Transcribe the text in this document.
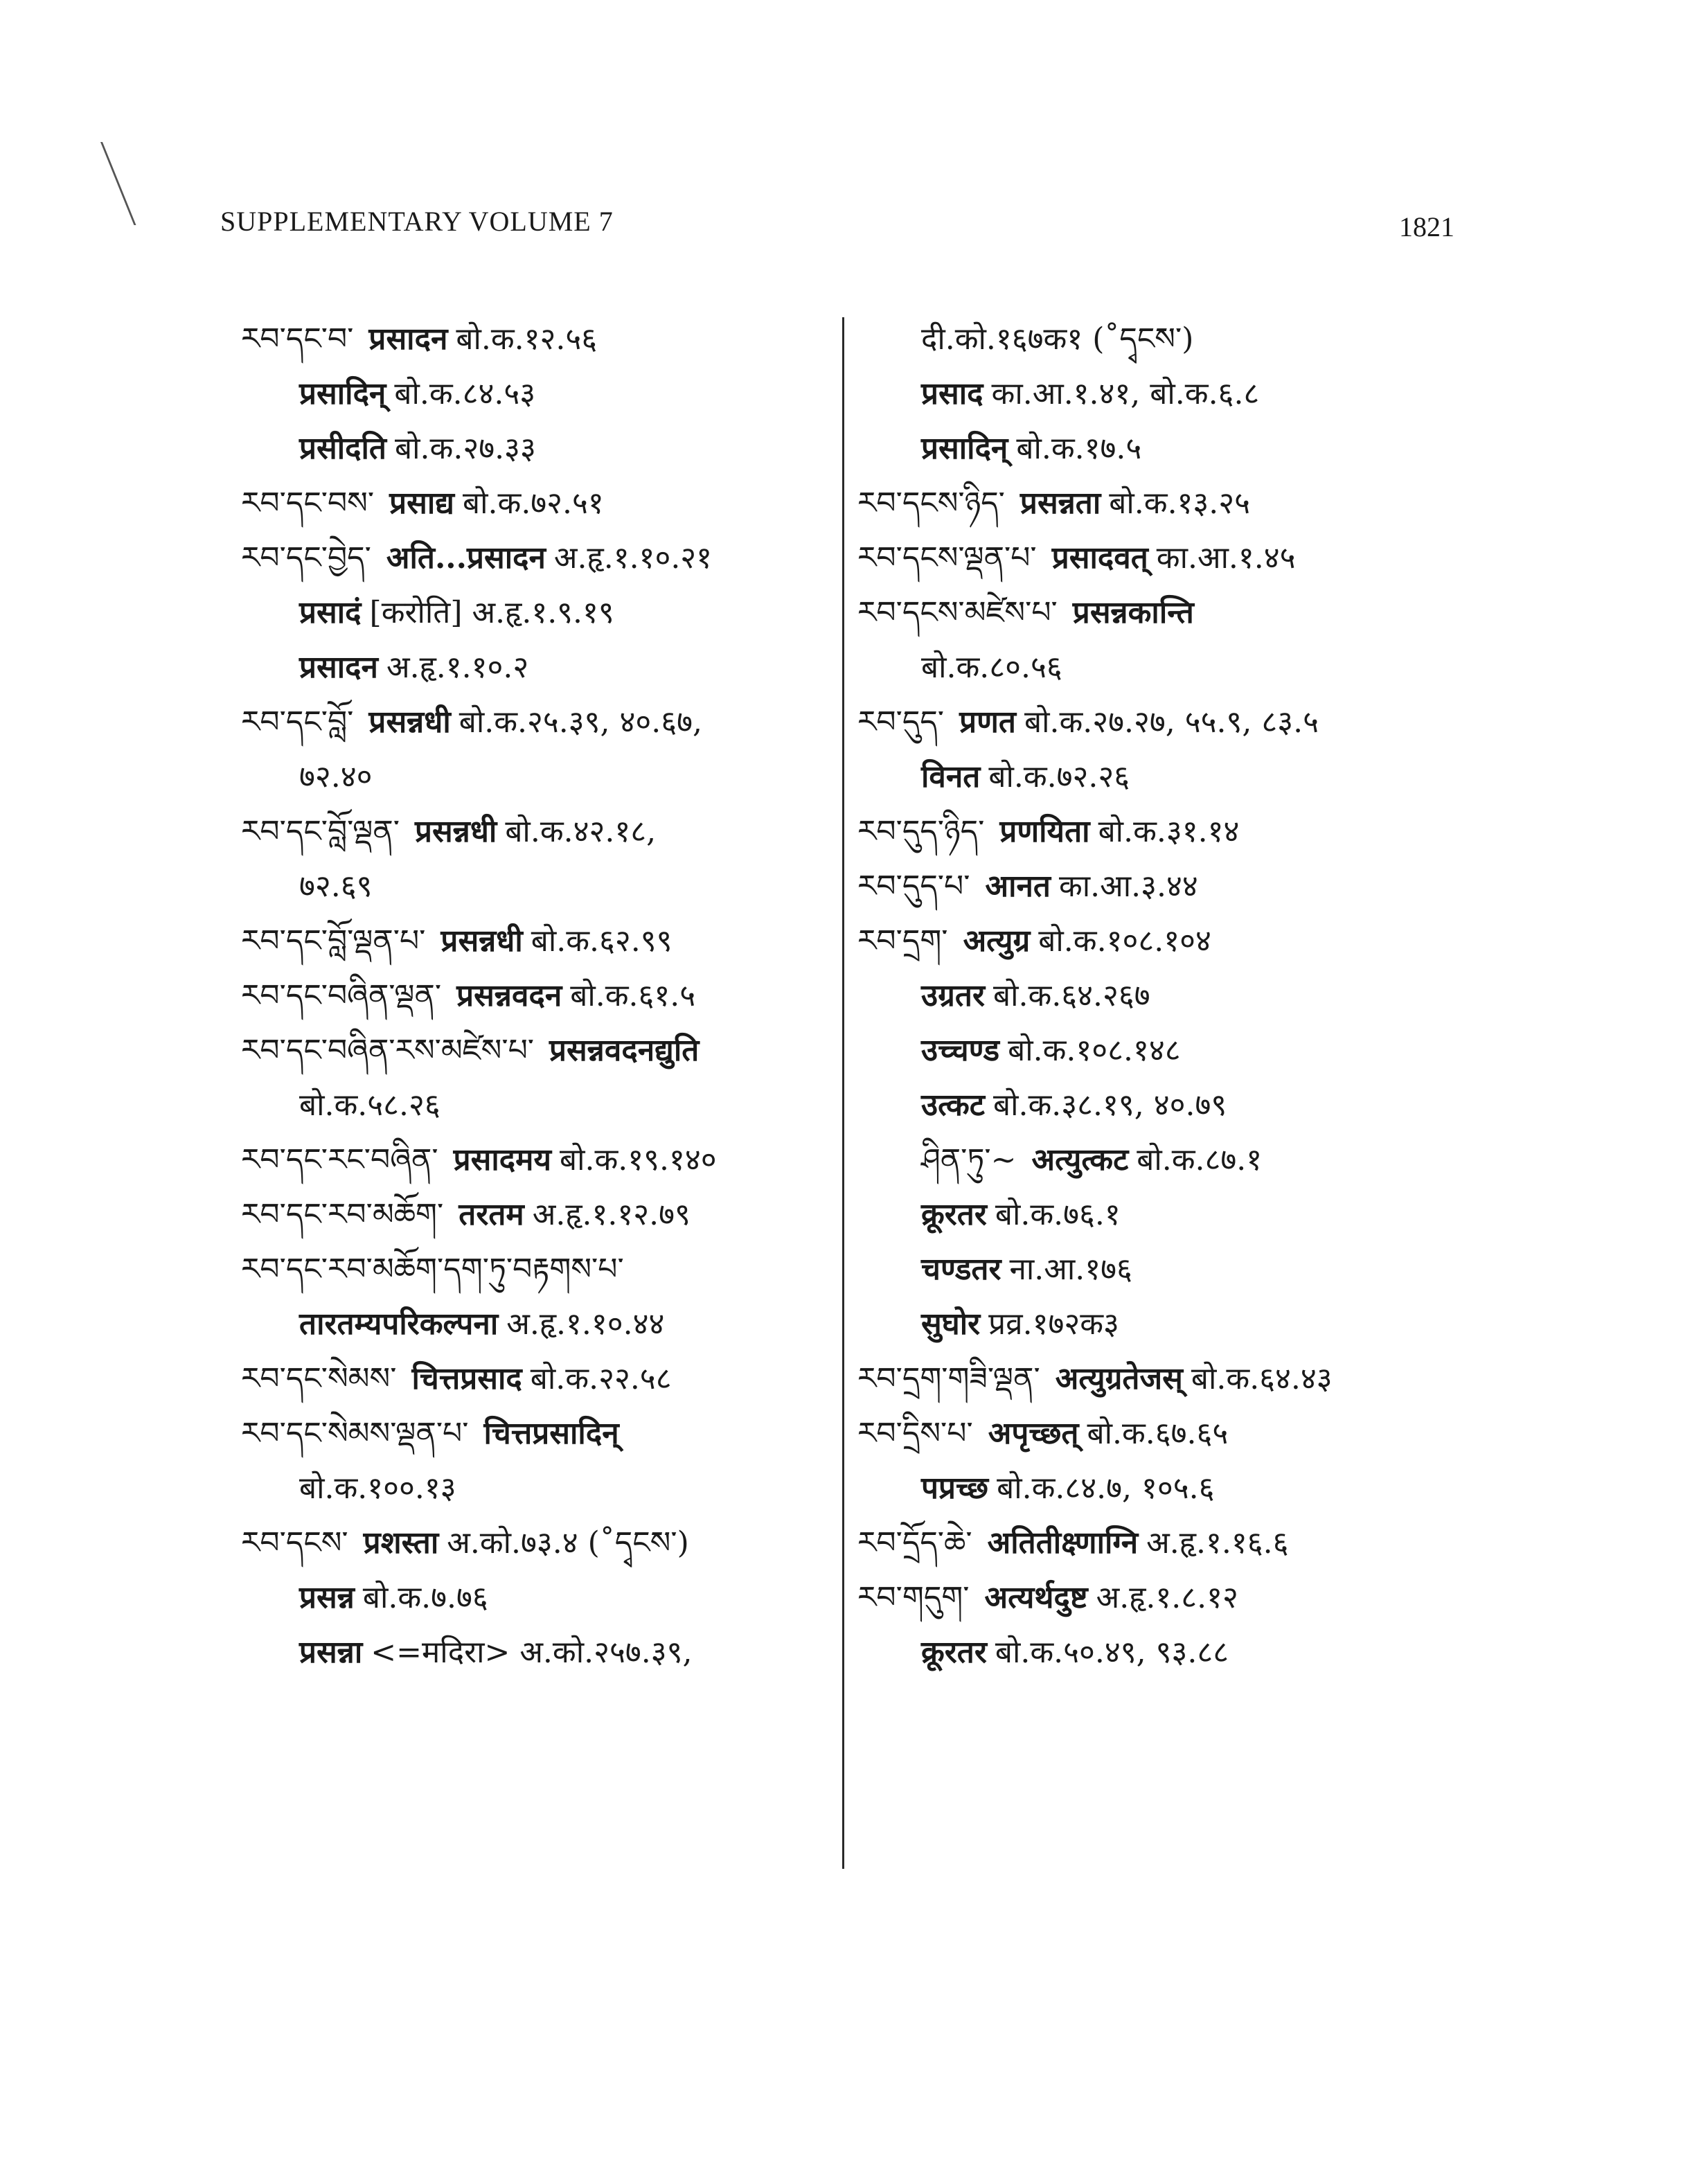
SUPPLEMENTARY VOLUME 7	1821
རབ་དང་བ་ प्रसादन बो.क.१२.५६
प्रसादिन् बो.क.८४.५३
प्रसीदति बो.क.२७.३३
རབ་དང་བས་ प्रसाद्य बो.क.७२.५१
རབ་དང་བྱེད་ अति...प्रसादन अ.हृ.१.१०.२१
प्रसादं [करोति] अ.हृ.१.९.१९
प्रसादन अ.हृ.१.१०.२
རབ་དང་བློ་ प्रसन्नधी बो.क.२५.३९, ४०.६७,
७२.४०
རབ་དང་བློ་ལྡན་ प्रसन्नधी बो.क.४२.१८,
७२.६९
རབ་དང་བློ་ལྡན་པ་ प्रसन्नधी बो.क.६२.९९
རབ་དང་བཞིན་ལྡན་ प्रसन्नवदन बो.क.६१.५
རབ་དང་བཞིན་རས་མཛེས་པ་ प्रसन्नवदनद्युति
बो.क.५८.२६
རབ་དང་རང་བཞིན་ प्रसादमय बो.क.१९.१४०
རབ་དང་རབ་མཆོག་ तरतम अ.हृ.१.१२.७९
རབ་དང་རབ་མཆོག་དག་ཏུ་བརྟགས་པ་
तारतम्यपरिकल्पना अ.हृ.१.१०.४४
རབ་དང་སེམས་ चित्तप्रसाद बो.क.२२.५८
རབ་དང་སེམས་ལྡན་པ་ चित्तप्रसादिन्
बो.क.१००.१३
རབ་དངས་ प्रशस्ता अ.को.७३.४ (˚དྭངས་)
प्रसन्न बो.क.७.७६
प्रसन्ना <=मदिरा> अ.को.२५७.३९,
दी.को.१६७क१ (˚དྭངས་)
प्रसाद का.आ.१.४१, बो.क.६.८
प्रसादिन् बो.क.१७.५
རབ་དངས་ཉིད་ प्रसन्नता बो.क.१३.२५
རབ་དངས་ལྡན་པ་ प्रसादवत् का.आ.१.४५
རབ་དངས་མཛེས་པ་ प्रसन्नकान्ति
बो.क.८०.५६
རབ་དུད་ प्रणत बो.क.२७.२७, ५५.९, ८३.५
विनत बो.क.७२.२६
རབ་དུད་ཉིད་ प्रणयिता बो.क.३१.१४
རབ་དུད་པ་ आनत का.आ.३.४४
རབ་དྲག་ अत्युग्र बो.क.१०८.१०४
उग्रतर बो.क.६४.२६७
उच्चण्ड बो.क.१०८.१४८
उत्कट बो.क.३८.१९, ४०.७९
ཤིན་ཏུ་~ अत्युत्कट बो.क.८७.१
क्रूरतर बो.क.७६.१
चण्डतर ना.आ.१७६
सुघोर प्रव्र.१७२क३
རབ་དྲག་གཟི་ལྡན་ अत्युग्रतेजस् बो.क.६४.४३
རབ་དྲིས་པ་ अपृच्छत् बो.क.६७.६५
पप्रच्छ बो.क.८४.७, १०५.६
རབ་དྲོད་ཆེ་ अतितीक्ष्णाग्नि अ.हृ.१.१६.६
རབ་གདུག་ अत्यर्थदुष्ट अ.हृ.१.८.१२
क्रूरतर बो.क.५०.४९, ९३.८८
